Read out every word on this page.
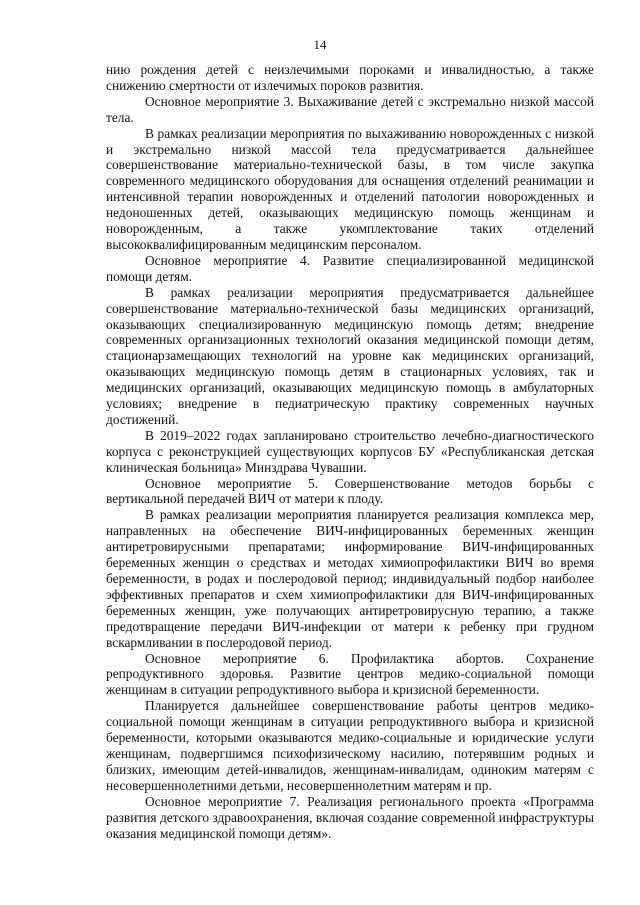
14

нию рождения детей с неизлечимыми пороками и инвалидностью, а также снижению смертности от излечимых пороков развития.

Основное мероприятие 3. Выхаживание детей с экстремально низкой массой тела.

В рамках реализации мероприятия по выхаживанию новорожденных с низкой и экстремально низкой массой тела предусматривается дальнейшее совершенствование материально-технической базы, в том числе закупка современного медицинского оборудования для оснащения отделений реанимации и интенсивной терапии новорожденных и отделений патологии новорожденных и недоношенных детей, оказывающих медицинскую помощь женщинам и новорожденным, а также укомплектование таких отделений высококвалифицированным медицинским персоналом.

Основное мероприятие 4. Развитие специализированной медицинской помощи детям.

В рамках реализации мероприятия предусматривается дальнейшее совершенствование материально-технической базы медицинских организаций, оказывающих специализированную медицинскую помощь детям; внедрение современных организационных технологий оказания медицинской помощи детям, стационарзамещающих технологий на уровне как медицинских организаций, оказывающих медицинскую помощь детям в стационарных условиях, так и медицинских организаций, оказывающих медицинскую помощь в амбулаторных условиях; внедрение в педиатрическую практику современных научных достижений.

В 2019–2022 годах запланировано строительство лечебно-диагностического корпуса с реконструкцией существующих корпусов БУ «Республиканская детская клиническая больница» Минздрава Чувашии.

Основное мероприятие 5. Совершенствование методов борьбы с вертикальной передачей ВИЧ от матери к плоду.

В рамках реализации мероприятия планируется реализация комплекса мер, направленных на обеспечение ВИЧ-инфицированных беременных женщин антиретровирусными препаратами; информирование ВИЧ-инфицированных беременных женщин о средствах и методах химиопрофилактики ВИЧ во время беременности, в родах и послеродовой период; индивидуальный подбор наиболее эффективных препаратов и схем химиопрофилактики для ВИЧ-инфицированных беременных женщин, уже получающих антиретровирусную терапию, а также предотвращение передачи ВИЧ-инфекции от матери к ребенку при грудном вскармливании в послеродовой период.

Основное мероприятие 6. Профилактика абортов. Сохранение репродуктивного здоровья. Развитие центров медико-социальной помощи женщинам в ситуации репродуктивного выбора и кризисной беременности.

Планируется дальнейшее совершенствование работы центров медико-социальной помощи женщинам в ситуации репродуктивного выбора и кризисной беременности, которыми оказываются медико-социальные и юридические услуги женщинам, подвергшимся психофизическому насилию, потерявшим родных и близких, имеющим детей-инвалидов, женщинам-инвалидам, одиноким матерям с несовершеннолетними детьми, несовершеннолетним матерям и пр.

Основное мероприятие 7. Реализация регионального проекта «Программа развития детского здравоохранения, включая создание современной инфраструктуры оказания медицинской помощи детям».
